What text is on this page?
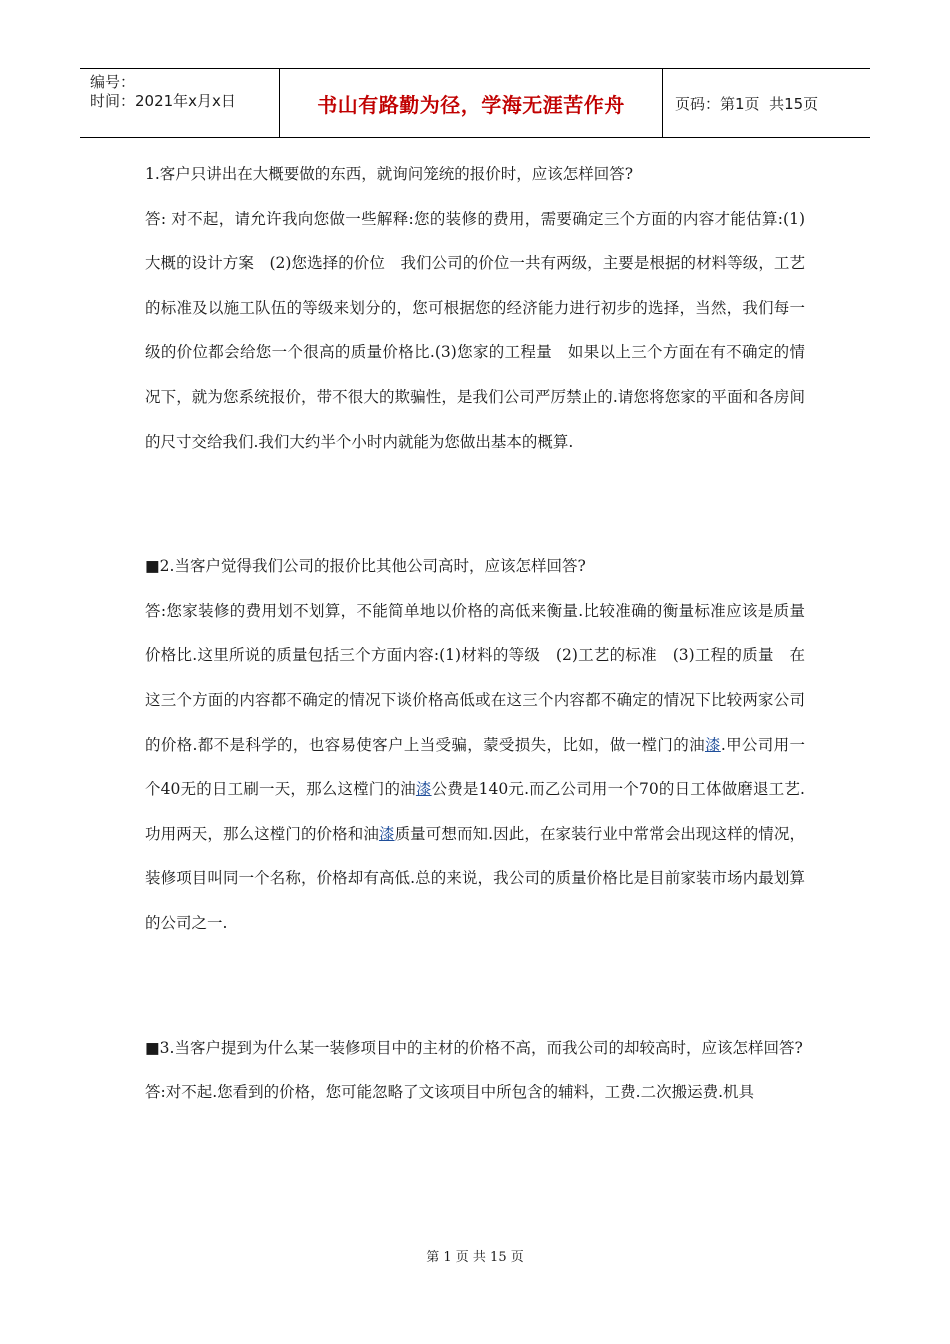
编号：
时间：2021年x月x日	书山有路勤为径，学海无涯苦作舟	页码：第1页  共15页

1.客户只讲出在大概要做的东西，就询问笼统的报价时，应该怎样回答?

答: 对不起，请允许我向您做一些解释:您的装修的费用，需要确定三个方面的内容才能估算:(1)大概的设计方案　(2)您选择的价位　我们公司的价位一共有两级，主要是根据的材料等级，工艺的标准及以施工队伍的等级来划分的，您可根据您的经济能力进行初步的选择，当然，我们每一级的价位都会给您一个很高的质量价格比.(3)您家的工程量　如果以上三个方面在有不确定的情况下，就为您系统报价，带不很大的欺骗性，是我们公司严厉禁止的.请您将您家的平面和各房间的尺寸交给我们.我们大约半个小时内就能为您做出基本的概算.

■2.当客户觉得我们公司的报价比其他公司高时，应该怎样回答?

答:您家装修的费用划不划算，不能简单地以价格的高低来衡量.比较准确的衡量标准应该是质量价格比.这里所说的质量包括三个方面内容:(1)材料的等级　(2)工艺的标准　(3)工程的质量　在这三个方面的内容都不确定的情况下谈价格高低或在这三个内容都不确定的情况下比较两家公司的价格.都不是科学的，也容易使客户上当受骗，蒙受损失，比如，做一樘门的油漆.甲公司用一个40无的日工刷一天，那么这樘门的油漆公费是140元.而乙公司用一个70的日工体做磨退工艺.功用两天，那么这樘门的价格和油漆质量可想而知.因此，在家装行业中常常会出现这样的情况，装修项目叫同一个名称，价格却有高低.总的来说，我公司的质量价格比是目前家装市场内最划算的公司之一.

■3.当客户提到为什么某一装修项目中的主材的价格不高，而我公司的却较高时，应该怎样回答?

答:对不起.您看到的价格，您可能忽略了文该项目中所包含的辅料，工费.二次搬运费.机具

第 1 页 共 15 页
